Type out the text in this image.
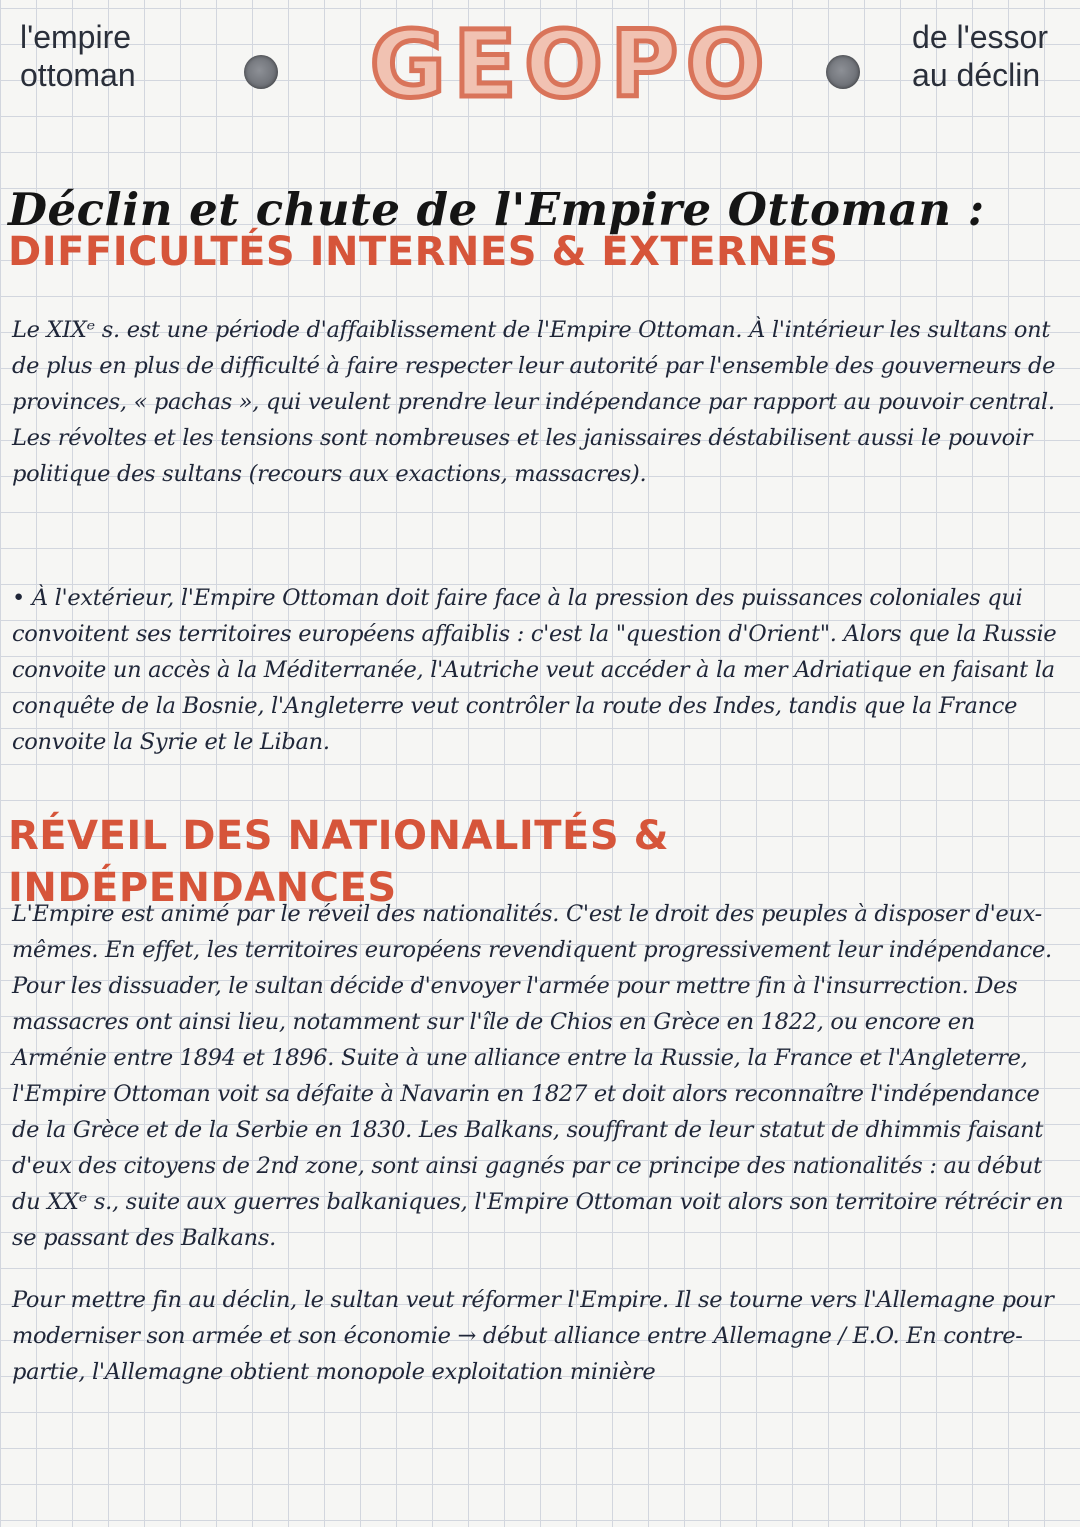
l'empire
ottoman	GEOPO	de l'essor
au déclin
Déclin et chute de l'Empire Ottoman :
DIFFICULTÉS INTERNES & EXTERNES

Le XIXᵉ s. est une période d'affaiblissement de l'Empire Ottoman. À l'intérieur les sultans ont de plus en plus de difficulté à faire respecter leur autorité par l'ensemble des gouverneurs de provinces, « pachas », qui veulent prendre leur indépendance par rapport au pouvoir central. Les révoltes et les tensions sont nombreuses et les janissaires déstabilisent aussi le pouvoir politique des sultans (recours aux exactions, massacres).

• À l'extérieur, l'Empire Ottoman doit faire face à la pression des puissances coloniales qui convoitent ses territoires européens affaiblis : c'est la "question d'Orient". Alors que la Russie convoite un accès à la Méditerranée, l'Autriche veut accéder à la mer Adriatique en faisant la conquête de la Bosnie, l'Angleterre veut contrôler la route des Indes, tandis que la France convoite la Syrie et le Liban.

RÉVEIL DES NATIONALITÉS & INDÉPENDANCES

L'Empire est animé par le réveil des nationalités. C'est le droit des peuples à disposer d'eux-mêmes. En effet, les territoires européens revendiquent progressivement leur indépendance. Pour les dissuader, le sultan décide d'envoyer l'armée pour mettre fin à l'insurrection. Des massacres ont ainsi lieu, notamment sur l'île de Chios en Grèce en 1822, ou encore en Arménie entre 1894 et 1896. Suite à une alliance entre la Russie, la France et l'Angleterre, l'Empire Ottoman voit sa défaite à Navarin en 1827 et doit alors reconnaître l'indépendance de la Grèce et de la Serbie en 1830. Les Balkans, souffrant de leur statut de dhimmis faisant d'eux des citoyens de 2nd zone, sont ainsi gagnés par ce principe des nationalités : au début du XXᵉ s., suite aux guerres balkaniques, l'Empire Ottoman voit alors son territoire rétrécir en se passant des Balkans.

Pour mettre fin au déclin, le sultan veut réformer l'Empire. Il se tourne vers l'Allemagne pour moderniser son armée et son économie → début alliance entre Allemagne / E.O. En contre-partie, l'Allemagne obtient monopole exploitation minière
